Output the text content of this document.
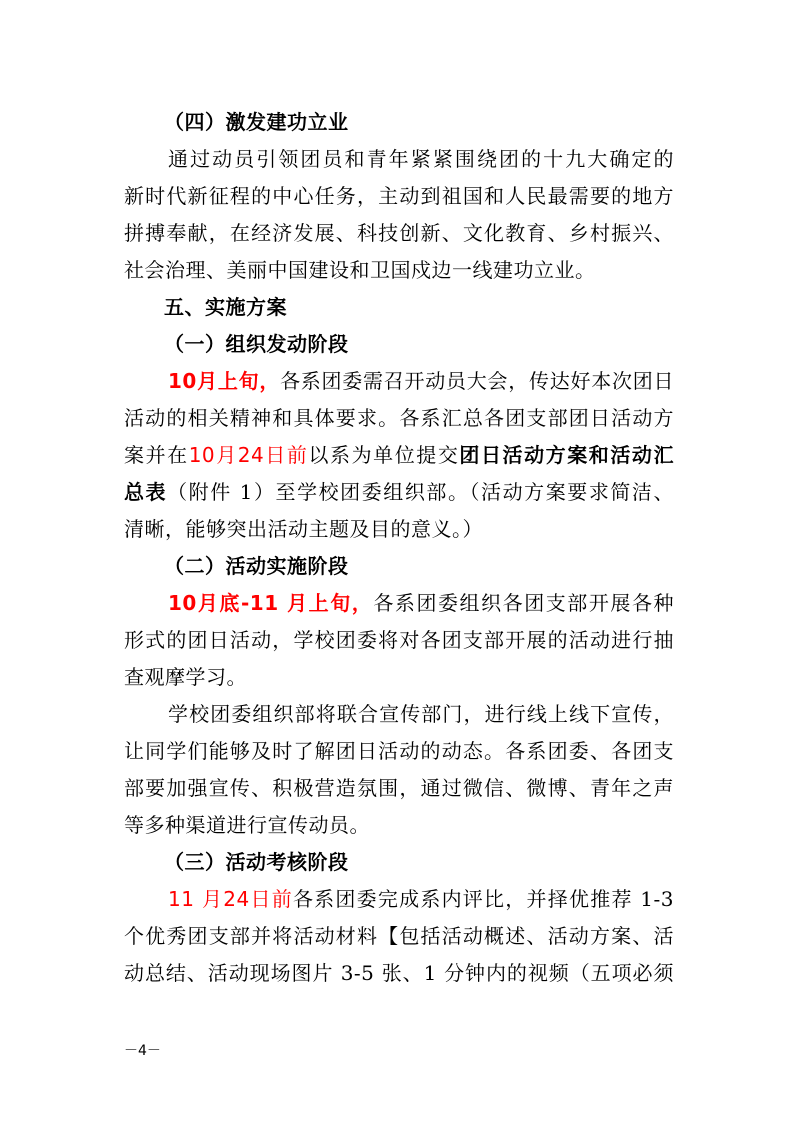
（四）激发建功立业
通过动员引领团员和青年紧紧围绕团的十九大确定的
新时代新征程的中心任务，主动到祖国和人民最需要的地方
拼搏奉献，在经济发展、科技创新、文化教育、乡村振兴、
社会治理、美丽中国建设和卫国戍边一线建功立业。
五、实施方案
（一）组织发动阶段
10月上旬，各系团委需召开动员大会，传达好本次团日
活动的相关精神和具体要求。各系汇总各团支部团日活动方
案并在10月24日前以系为单位提交团日活动方案和活动汇
总表（附件 1）至学校团委组织部。（活动方案要求简洁、
清晰，能够突出活动主题及目的意义。）
（二）活动实施阶段
10月底-11 月上旬，各系团委组织各团支部开展各种
形式的团日活动，学校团委将对各团支部开展的活动进行抽
查观摩学习。
学校团委组织部将联合宣传部门，进行线上线下宣传，
让同学们能够及时了解团日活动的动态。各系团委、各团支
部要加强宣传、积极营造氛围，通过微信、微博、青年之声
等多种渠道进行宣传动员。
（三）活动考核阶段
11 月24日前各系团委完成系内评比，并择优推荐 1-3
个优秀团支部并将活动材料【包括活动概述、活动方案、活
动总结、活动现场图片 3-5 张、1 分钟内的视频（五项必须
－4－
